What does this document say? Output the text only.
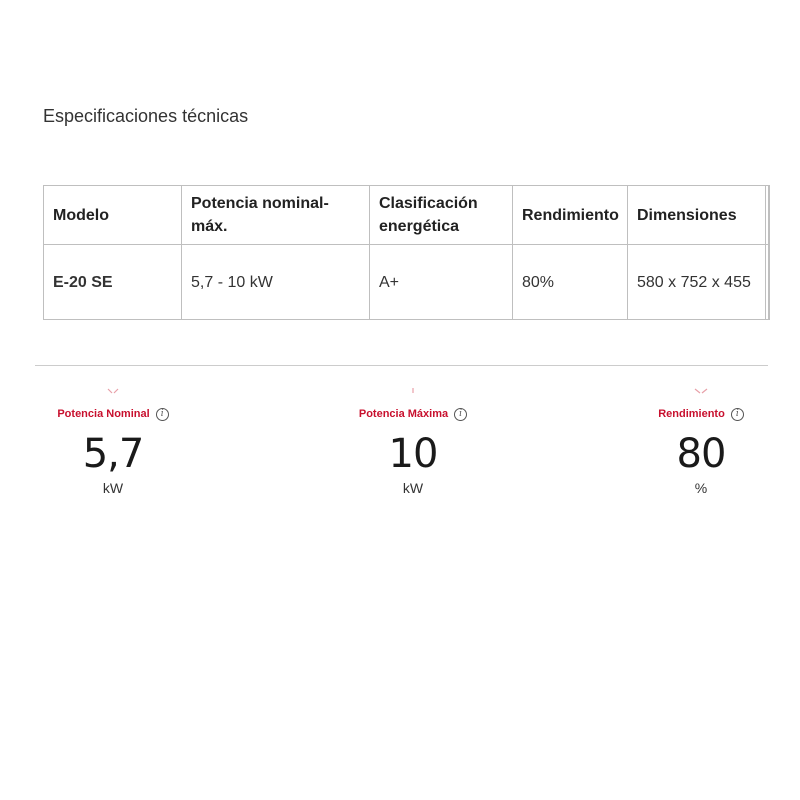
Especificaciones técnicas
Modelo	Potencia nominal-máx.	Clasificación energética	Rendimiento	Dimensiones	
E-20 SE	5,7 - 10 kW	A+	80%	580 x 752 x 455	
Potencia Nominal	i
5,7
kW
Potencia Máxima	i
10
kW
Rendimiento	i
80
%
